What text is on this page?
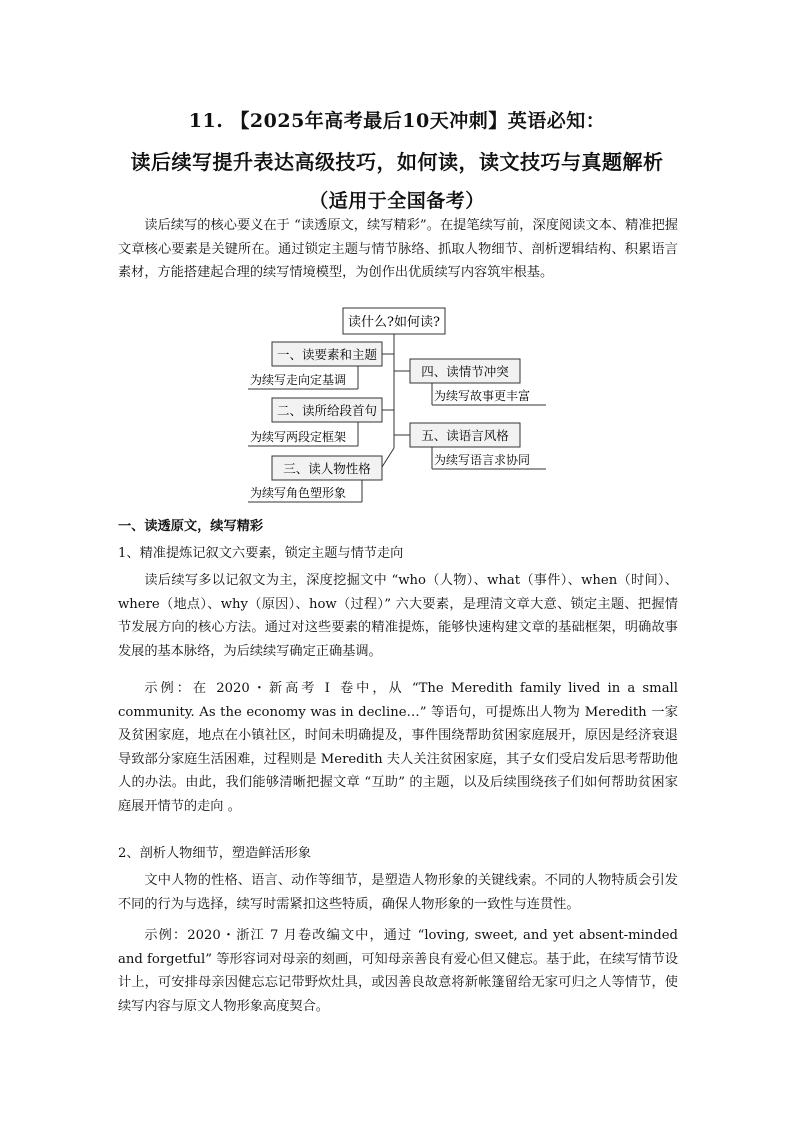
11. 【2025年高考最后10天冲刺】英语必知：
读后续写提升表达高级技巧，如何读，读文技巧与真题解析
（适用于全国备考）

读后续写的核心要义在于 “读透原文，续写精彩”。在提笔续写前，深度阅读文本、精准把握文章核心要素是关键所在。通过锁定主题与情节脉络、抓取人物细节、剖析逻辑结构、积累语言素材，方能搭建起合理的续写情境模型，为创作出优质续写内容筑牢根基。

读什么?如何读?
一、读要素和主题
为续写走向定基调
二、读所给段首句
为续写两段定框架
三、读人物性格
为续写角色塑形象
四、读情节冲突
为续写故事更丰富
五、读语言风格
为续写语言求协同
一、读透原文，续写精彩
1、精准提炼记叙文六要素，锁定主题与情节走向

读后续写多以记叙文为主，深度挖掘文中 “who（人物）、what（事件）、when（时间）、where（地点）、why（原因）、how（过程）” 六大要素，是理清文章大意、锁定主题、把握情节发展方向的核心方法。通过对这些要素的精准提炼，能够快速构建文章的基础框架，明确故事发展的基本脉络，为后续续写确定正确基调。

示例：在 2020・新高考 Ⅰ 卷中，从 “The Meredith family lived in a small community. As the economy was in decline…” 等语句，可提炼出人物为 Meredith 一家及贫困家庭，地点在小镇社区，时间未明确提及，事件围绕帮助贫困家庭展开，原因是经济衰退导致部分家庭生活困难，过程则是 Meredith 夫人关注贫困家庭，其子女们受启发后思考帮助他人的办法。由此，我们能够清晰把握文章 “互助” 的主题，以及后续围绕孩子们如何帮助贫困家庭展开情节的走向 。

2、剖析人物细节，塑造鲜活形象

文中人物的性格、语言、动作等细节，是塑造人物形象的关键线索。不同的人物特质会引发不同的行为与选择，续写时需紧扣这些特质，确保人物形象的一致性与连贯性。

示例：2020・浙江 7 月卷改编文中，通过 “loving, sweet, and yet absent-minded and forgetful” 等形容词对母亲的刻画，可知母亲善良有爱心但又健忘。基于此，在续写情节设计上，可安排母亲因健忘忘记带野炊灶具，或因善良故意将新帐篷留给无家可归之人等情节，使续写内容与原文人物形象高度契合。
